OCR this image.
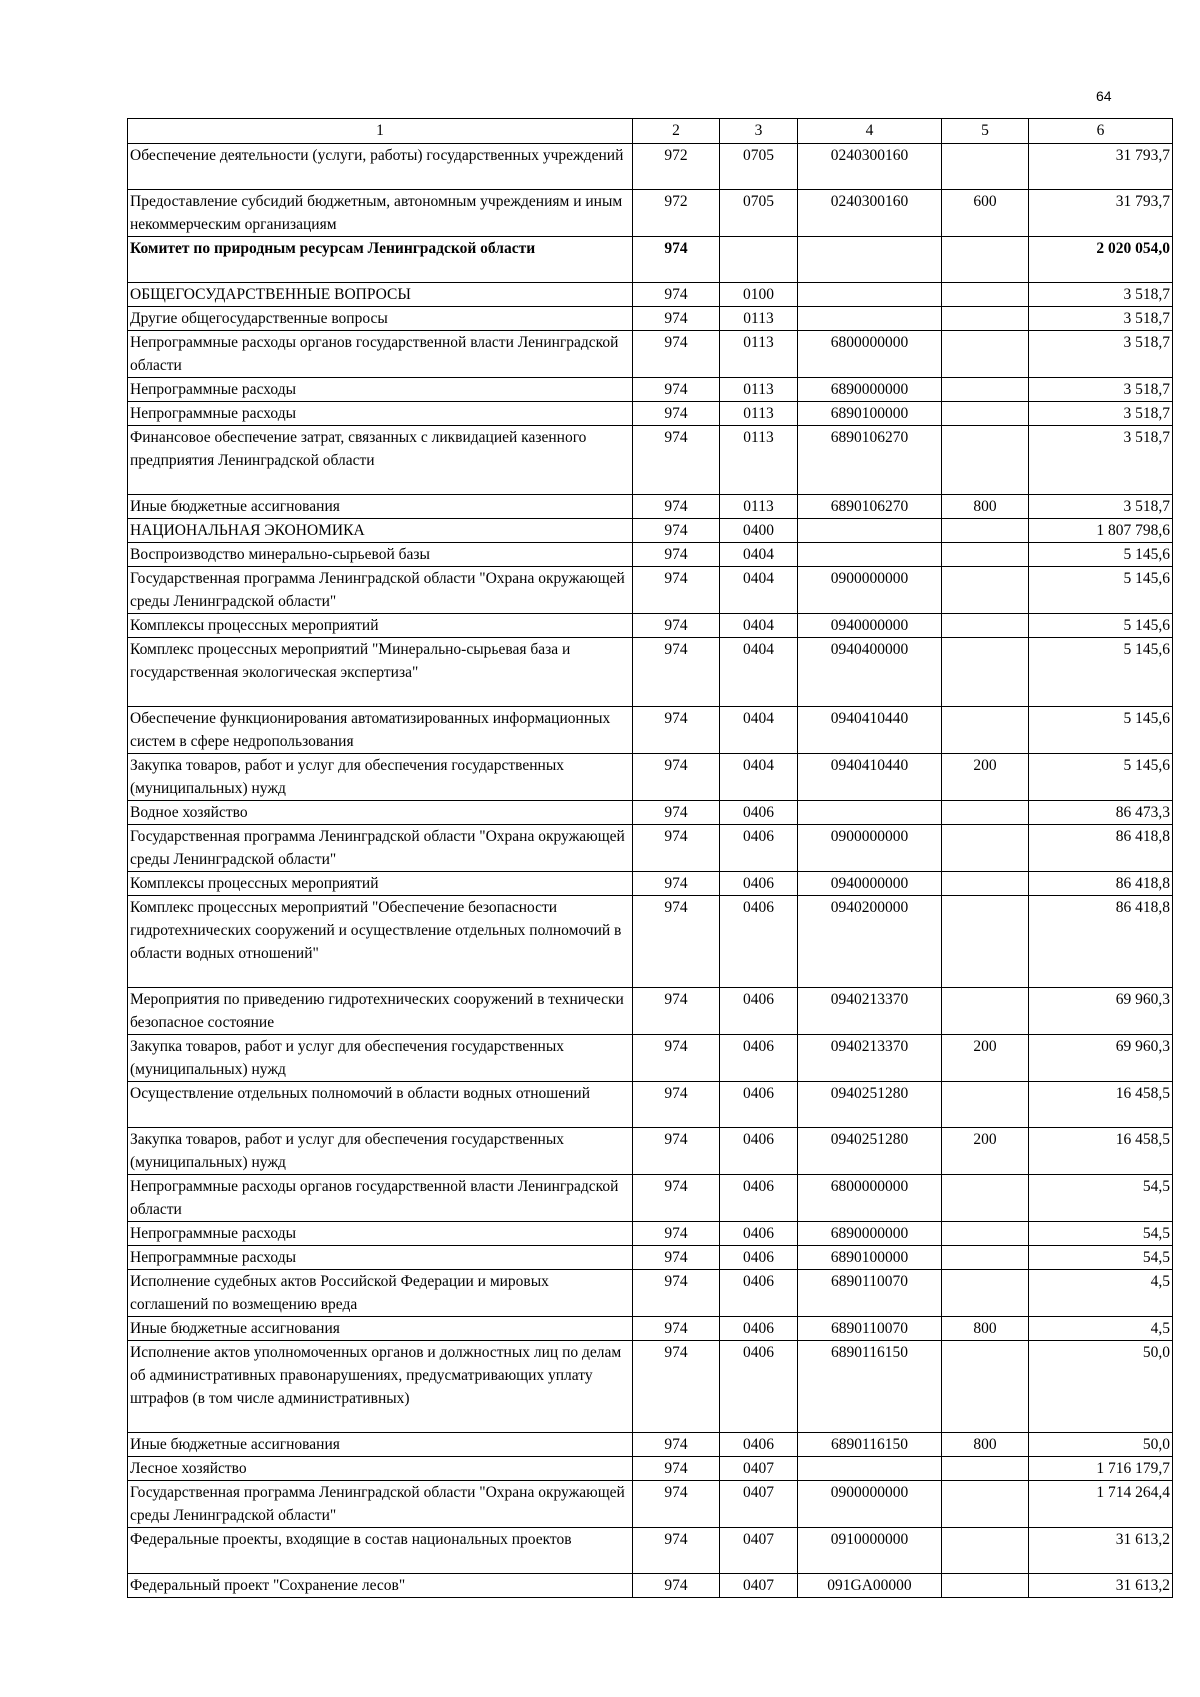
64
1	2	3	4	5	6
Обеспечение деятельности (услуги, работы) государственных учреждений	972	0705	0240300160		31 793,7
Предоставление субсидий бюджетным, автономным учреждениям и иным некоммерческим организациям	972	0705	0240300160	600	31 793,7
Комитет по природным ресурсам Ленинградской области	974				2 020 054,0
ОБЩЕГОСУДАРСТВЕННЫЕ ВОПРОСЫ	974	0100			3 518,7
Другие общегосударственные вопросы	974	0113			3 518,7
Непрограммные расходы органов государственной власти Ленинградской области	974	0113	6800000000		3 518,7
Непрограммные расходы	974	0113	6890000000		3 518,7
Непрограммные расходы	974	0113	6890100000		3 518,7
Финансовое обеспечение затрат, связанных с ликвидацией казенного предприятия Ленинградской области	974	0113	6890106270		3 518,7
Иные бюджетные ассигнования	974	0113	6890106270	800	3 518,7
НАЦИОНАЛЬНАЯ ЭКОНОМИКА	974	0400			1 807 798,6
Воспроизводство минерально-сырьевой базы	974	0404			5 145,6
Государственная программа Ленинградской области "Охрана окружающей среды Ленинградской области"	974	0404	0900000000		5 145,6
Комплексы процессных мероприятий	974	0404	0940000000		5 145,6
Комплекс процессных мероприятий "Минерально-сырьевая база и государственная экологическая экспертиза"	974	0404	0940400000		5 145,6
Обеспечение функционирования автоматизированных информационных систем в сфере недропользования	974	0404	0940410440		5 145,6
Закупка товаров, работ и услуг для обеспечения государственных (муниципальных) нужд	974	0404	0940410440	200	5 145,6
Водное хозяйство	974	0406			86 473,3
Государственная программа Ленинградской области "Охрана окружающей среды Ленинградской области"	974	0406	0900000000		86 418,8
Комплексы процессных мероприятий	974	0406	0940000000		86 418,8
Комплекс процессных мероприятий "Обеспечение безопасности гидротехнических сооружений и осуществление отдельных полномочий в области водных отношений"	974	0406	0940200000		86 418,8
Мероприятия по приведению гидротехнических сооружений в технически безопасное состояние	974	0406	0940213370		69 960,3
Закупка товаров, работ и услуг для обеспечения государственных (муниципальных) нужд	974	0406	0940213370	200	69 960,3
Осуществление отдельных полномочий в области водных отношений	974	0406	0940251280		16 458,5
Закупка товаров, работ и услуг для обеспечения государственных (муниципальных) нужд	974	0406	0940251280	200	16 458,5
Непрограммные расходы органов государственной власти Ленинградской области	974	0406	6800000000		54,5
Непрограммные расходы	974	0406	6890000000		54,5
Непрограммные расходы	974	0406	6890100000		54,5
Исполнение судебных актов Российской Федерации и мировых соглашений по возмещению вреда	974	0406	6890110070		4,5
Иные бюджетные ассигнования	974	0406	6890110070	800	4,5
Исполнение актов уполномоченных органов и должностных лиц по делам об административных правонарушениях, предусматривающих уплату штрафов (в том числе административных)	974	0406	6890116150		50,0
Иные бюджетные ассигнования	974	0406	6890116150	800	50,0
Лесное хозяйство	974	0407			1 716 179,7
Государственная программа Ленинградской области "Охрана окружающей среды Ленинградской области"	974	0407	0900000000		1 714 264,4
Федеральные проекты, входящие в состав национальных проектов	974	0407	0910000000		31 613,2
Федеральный проект "Сохранение лесов"	974	0407	091GA00000		31 613,2
